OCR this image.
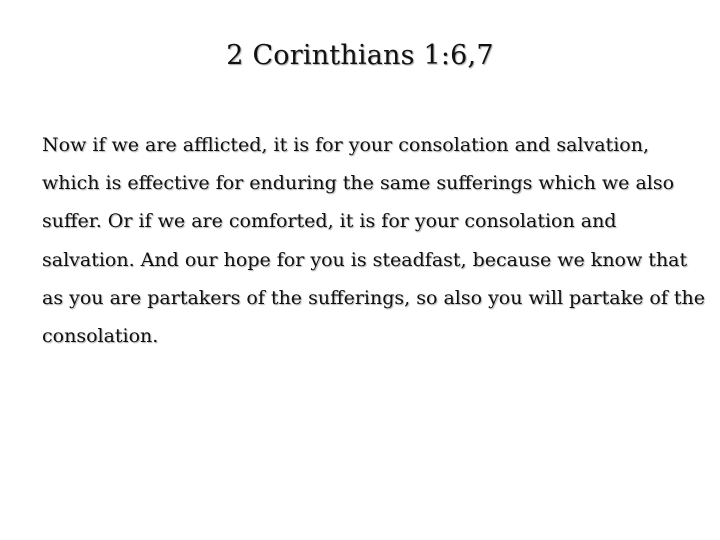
2 Corinthians 1:6,7

Now if we are afflicted, it is for your consolation and salvation,
which is effective for enduring the same sufferings which we also
suffer. Or if we are comforted, it is for your consolation and
salvation. And our hope for you is steadfast, because we know that
as you are partakers of the sufferings, so also you will partake of the
consolation.
